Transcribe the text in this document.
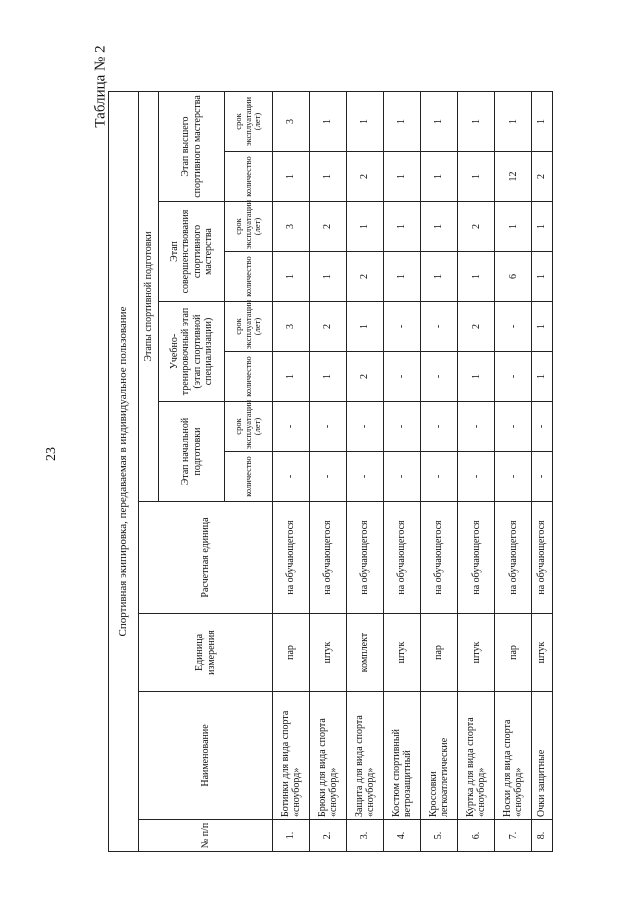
23
Таблица № 2
Спортивная экипировка, передаваемая в индивидуальное пользование											
№ п/п	Наименование	Единица измерения	Расчетная единица	Этапы спортивной подготовки							
				Этап начальной подготовки		Учебно-тренировочный этап (этап спортивной специализации)		Этап совершенствования спортивного мастерства		Этап высшего спортивного мастерства	
				количество	срок эксплуатации (лет)	количество	срок эксплуатации (лет)	количество	срок эксплуатации (лет)	количество	срок эксплуатации (лет)
1.	Ботинки для вида спорта «сноуборд»	пар	на обучающегося	-	-	1	3	1	3	1	3
2.	Брюки для вида спорта «сноуборд»	штук	на обучающегося	-	-	1	2	1	2	1	1
3.	Защита для вида спорта «сноуборд»	комплект	на обучающегося	-	-	2	1	2	1	2	1
4.	Костюм спортивный ветрозащитный	штук	на обучающегося	-	-	-	-	1	1	1	1
5.	Кроссовки легкоатлетические	пар	на обучающегося	-	-	-	-	1	1	1	1
6.	Куртка для вида спорта «сноуборд»	штук	на обучающегося	-	-	1	2	1	2	1	1
7.	Носки для вида спорта «сноуборд»	пар	на обучающегося	-	-	-	-	6	1	12	1
8.	Очки защитные	штук	на обучающегося	-	-	1	1	1	1	2	1
